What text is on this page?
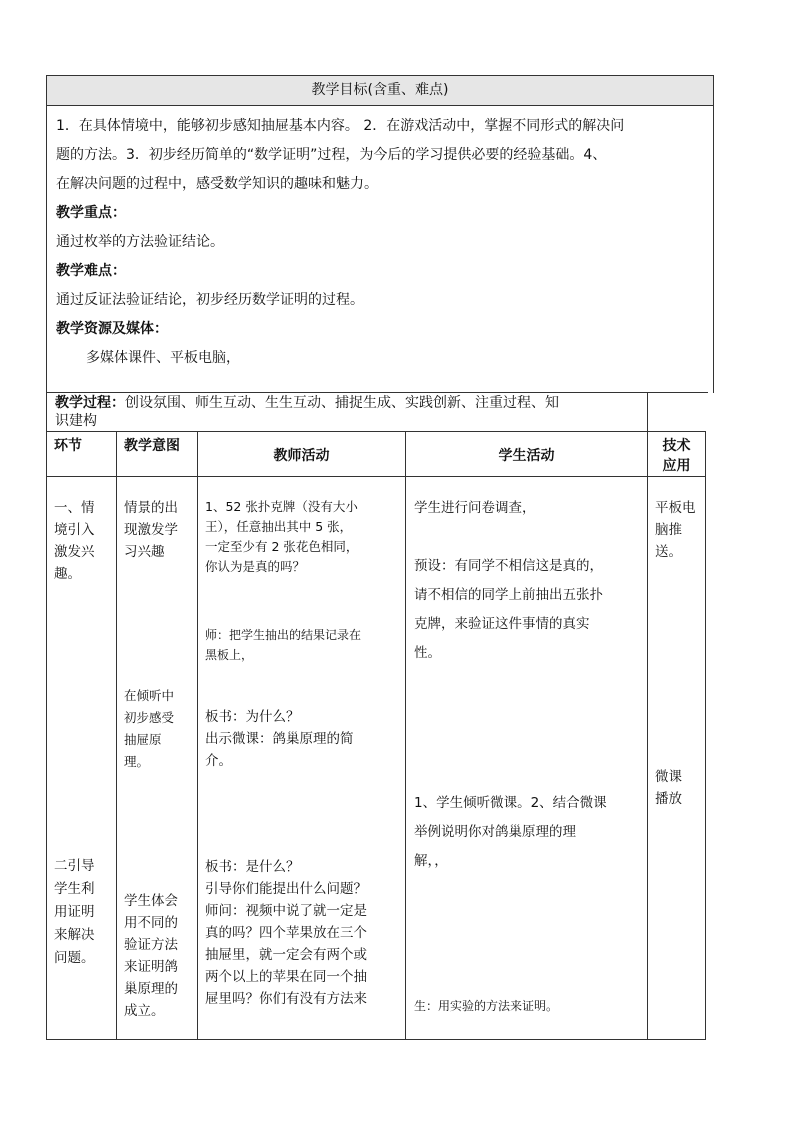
教学目标(含重、难点)
1．在具体情境中，能够初步感知抽屉基本内容。 2．在游戏活动中，掌握不同形式的解决问
题的方法。3．初步经历简单的“数学证明”过程，为今后的学习提供必要的经验基础。4、
在解决问题的过程中，感受数学知识的趣味和魅力。
教学重点：
通过枚举的方法验证结论。
教学难点：
通过反证法验证结论，初步经历数学证明的过程。
教学资源及媒体：
多媒体课件、平板电脑，
教学过程：创设氛围、师生互动、生生互动、捕捉生成、实践创新、注重过程、知
识建构
环节	教学意图
教师活动	学生活动
技术
应用
一、情
境引入
激发兴
趣。
二引导
学生利
用证明
来解决
问题。
情景的出
现激发学
习兴趣
在倾听中
初步感受
抽屉原
理。
学生体会
用不同的
验证方法
来证明鸽
巢原理的
成立。
1、52 张扑克牌（没有大小
王），任意抽出其中 5 张，
一定至少有 2 张花色相同，
你认为是真的吗？
师：把学生抽出的结果记录在
黑板上，
板书：为什么？
出示微课：鸽巢原理的简
介。
板书：是什么？
引导你们能提出什么问题？
师问：视频中说了就一定是
真的吗？四个苹果放在三个
抽屉里，就一定会有两个或
两个以上的苹果在同一个抽
屉里吗？你们有没有方法来
学生进行问卷调查，
预设：有同学不相信这是真的，
请不相信的同学上前抽出五张扑
克牌，来验证这件事情的真实
性。
1、学生倾听微课。2、结合微课
举例说明你对鸽巢原理的理
解，，
生：用实验的方法来证明。
平板电
脑推
送。
微课
播放
